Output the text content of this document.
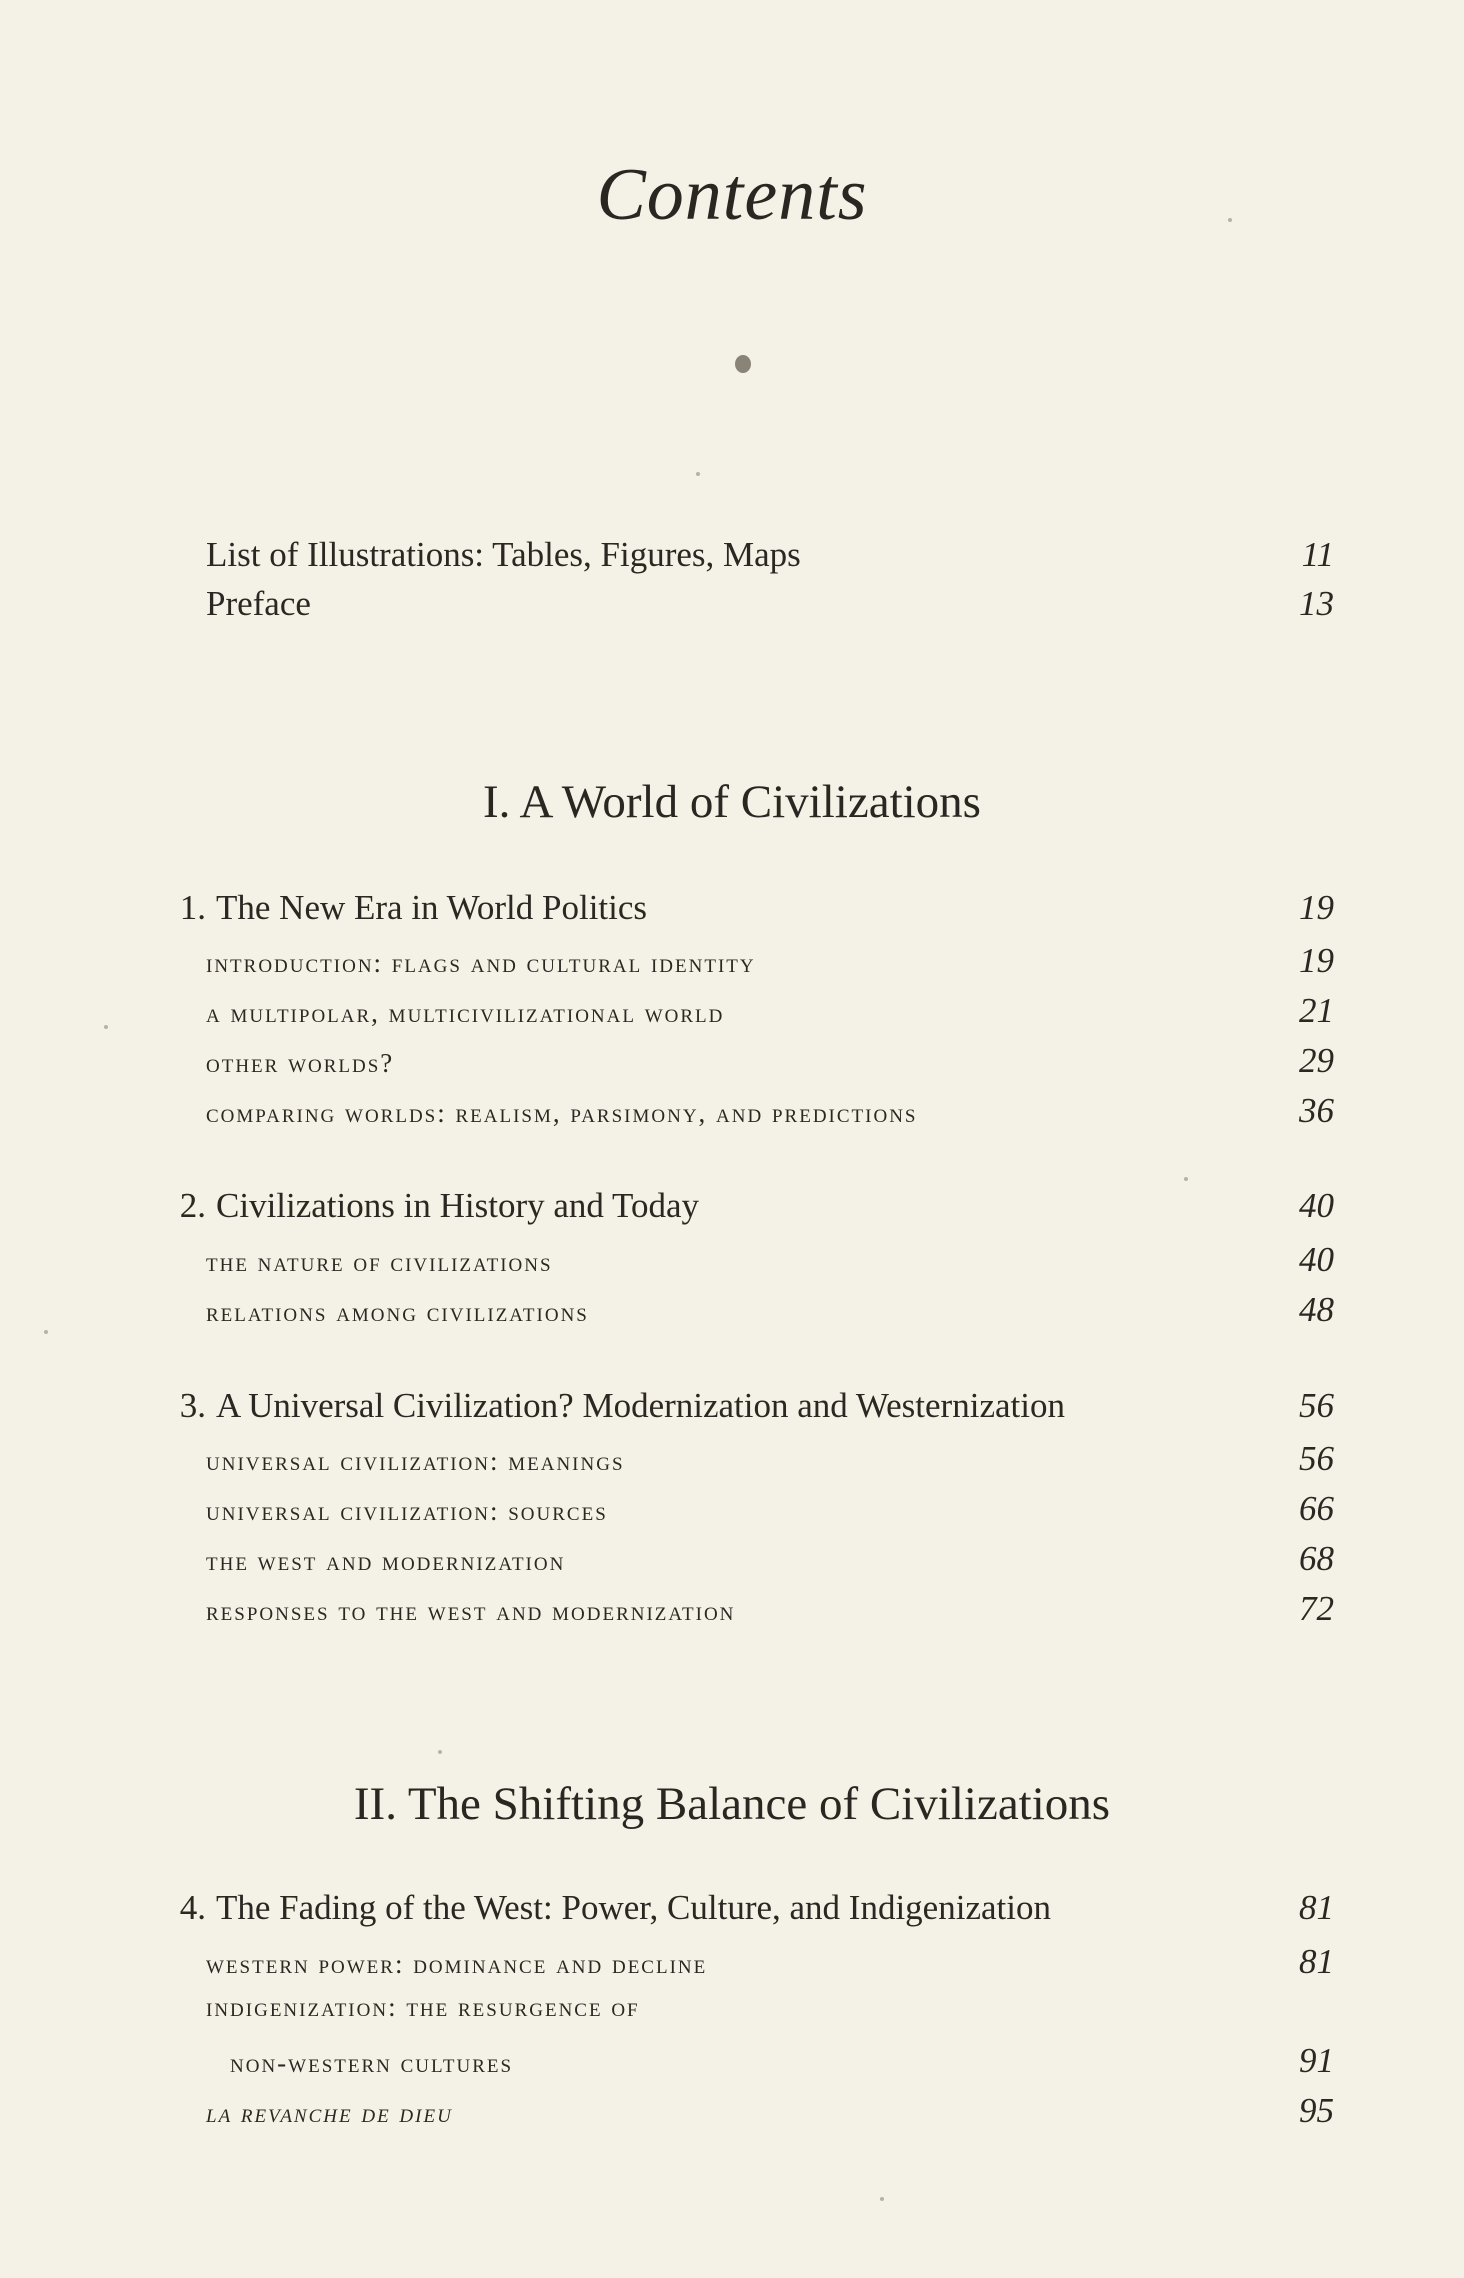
Contents
List of Illustrations: Tables, Figures, Maps	11
Preface	13
I. A World of Civilizations
1. The New Era in World Politics	19
introduction: flags and cultural identity	19
a multipolar, multicivilizational world	21
other worlds?	29
comparing worlds: realism, parsimony, and predictions	36
2. Civilizations in History and Today	40
the nature of civilizations	40
relations among civilizations	48
3. A Universal Civilization? Modernization and Westernization	56
universal civilization: meanings	56
universal civilization: sources	66
the west and modernization	68
responses to the west and modernization	72
II. The Shifting Balance of Civilizations
4. The Fading of the West: Power, Culture, and Indigenization	81
western power: dominance and decline	81
indigenization: the resurgence of
non-western cultures	91
la revanche de dieu	95
